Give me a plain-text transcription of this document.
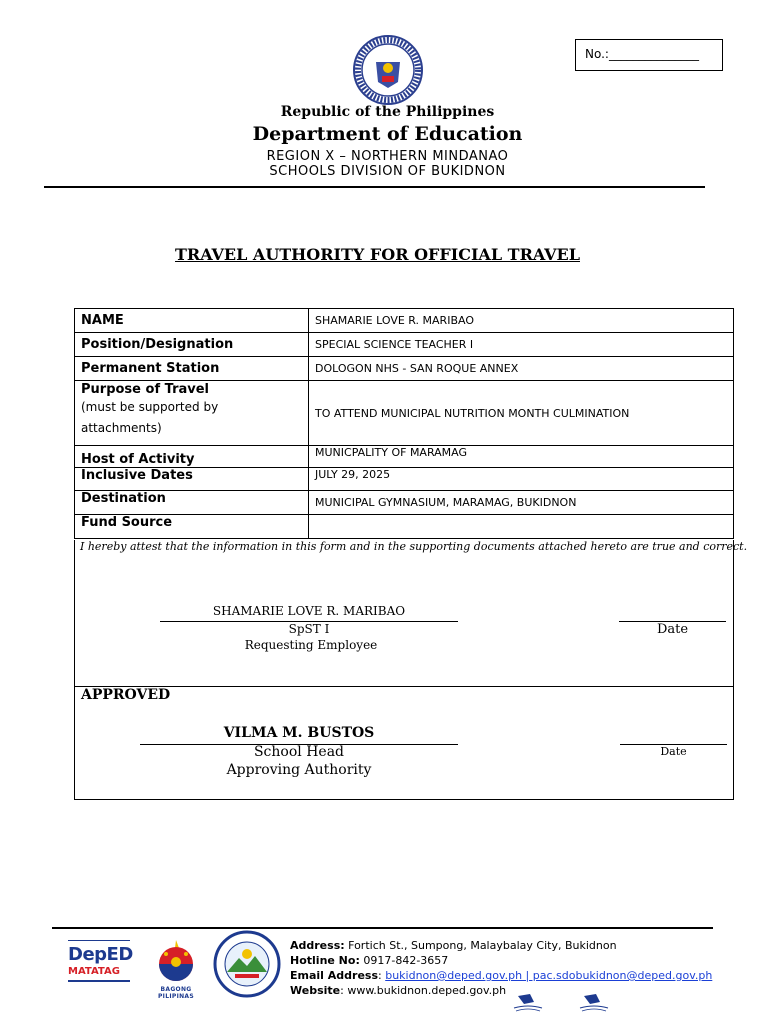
No.:_______________
Republic of the Philippines
Department of Education
REGION X – NORTHERN MINDANAO
SCHOOLS DIVISION OF BUKIDNON
TRAVEL AUTHORITY FOR OFFICIAL TRAVEL
NAME	SHAMARIE LOVE R. MARIBAO
Position/Designation	SPECIAL SCIENCE TEACHER I
Permanent Station	DOLOGON NHS - SAN ROQUE ANNEX
Purpose of Travel
(must be supported by
attachments)	TO ATTEND MUNICIPAL NUTRITION MONTH CULMINATION
Host of Activity	MUNICPALITY OF MARAMAG
Inclusive Dates	JULY 29, 2025
Destination	MUNICIPAL GYMNASIUM, MARAMAG, BUKIDNON
Fund Source	
I hereby attest that the information in this form and in the supporting documents attached hereto are true and correct.
SHAMARIE LOVE R. MARIBAO
SpST I
Requesting Employee
Date
APPROVED
VILMA M. BUSTOS
School Head
Approving Authority
Date
DepED
MATATAG
BAGONG PILIPINAS
Address: Fortich St., Sumpong, Malaybalay City, Bukidnon
Hotline No: 0917-842-3657
Email Address: bukidnon@deped.gov.ph | pac.sdobukidnon@deped.gov.ph
Website: www.bukidnon.deped.gov.ph
